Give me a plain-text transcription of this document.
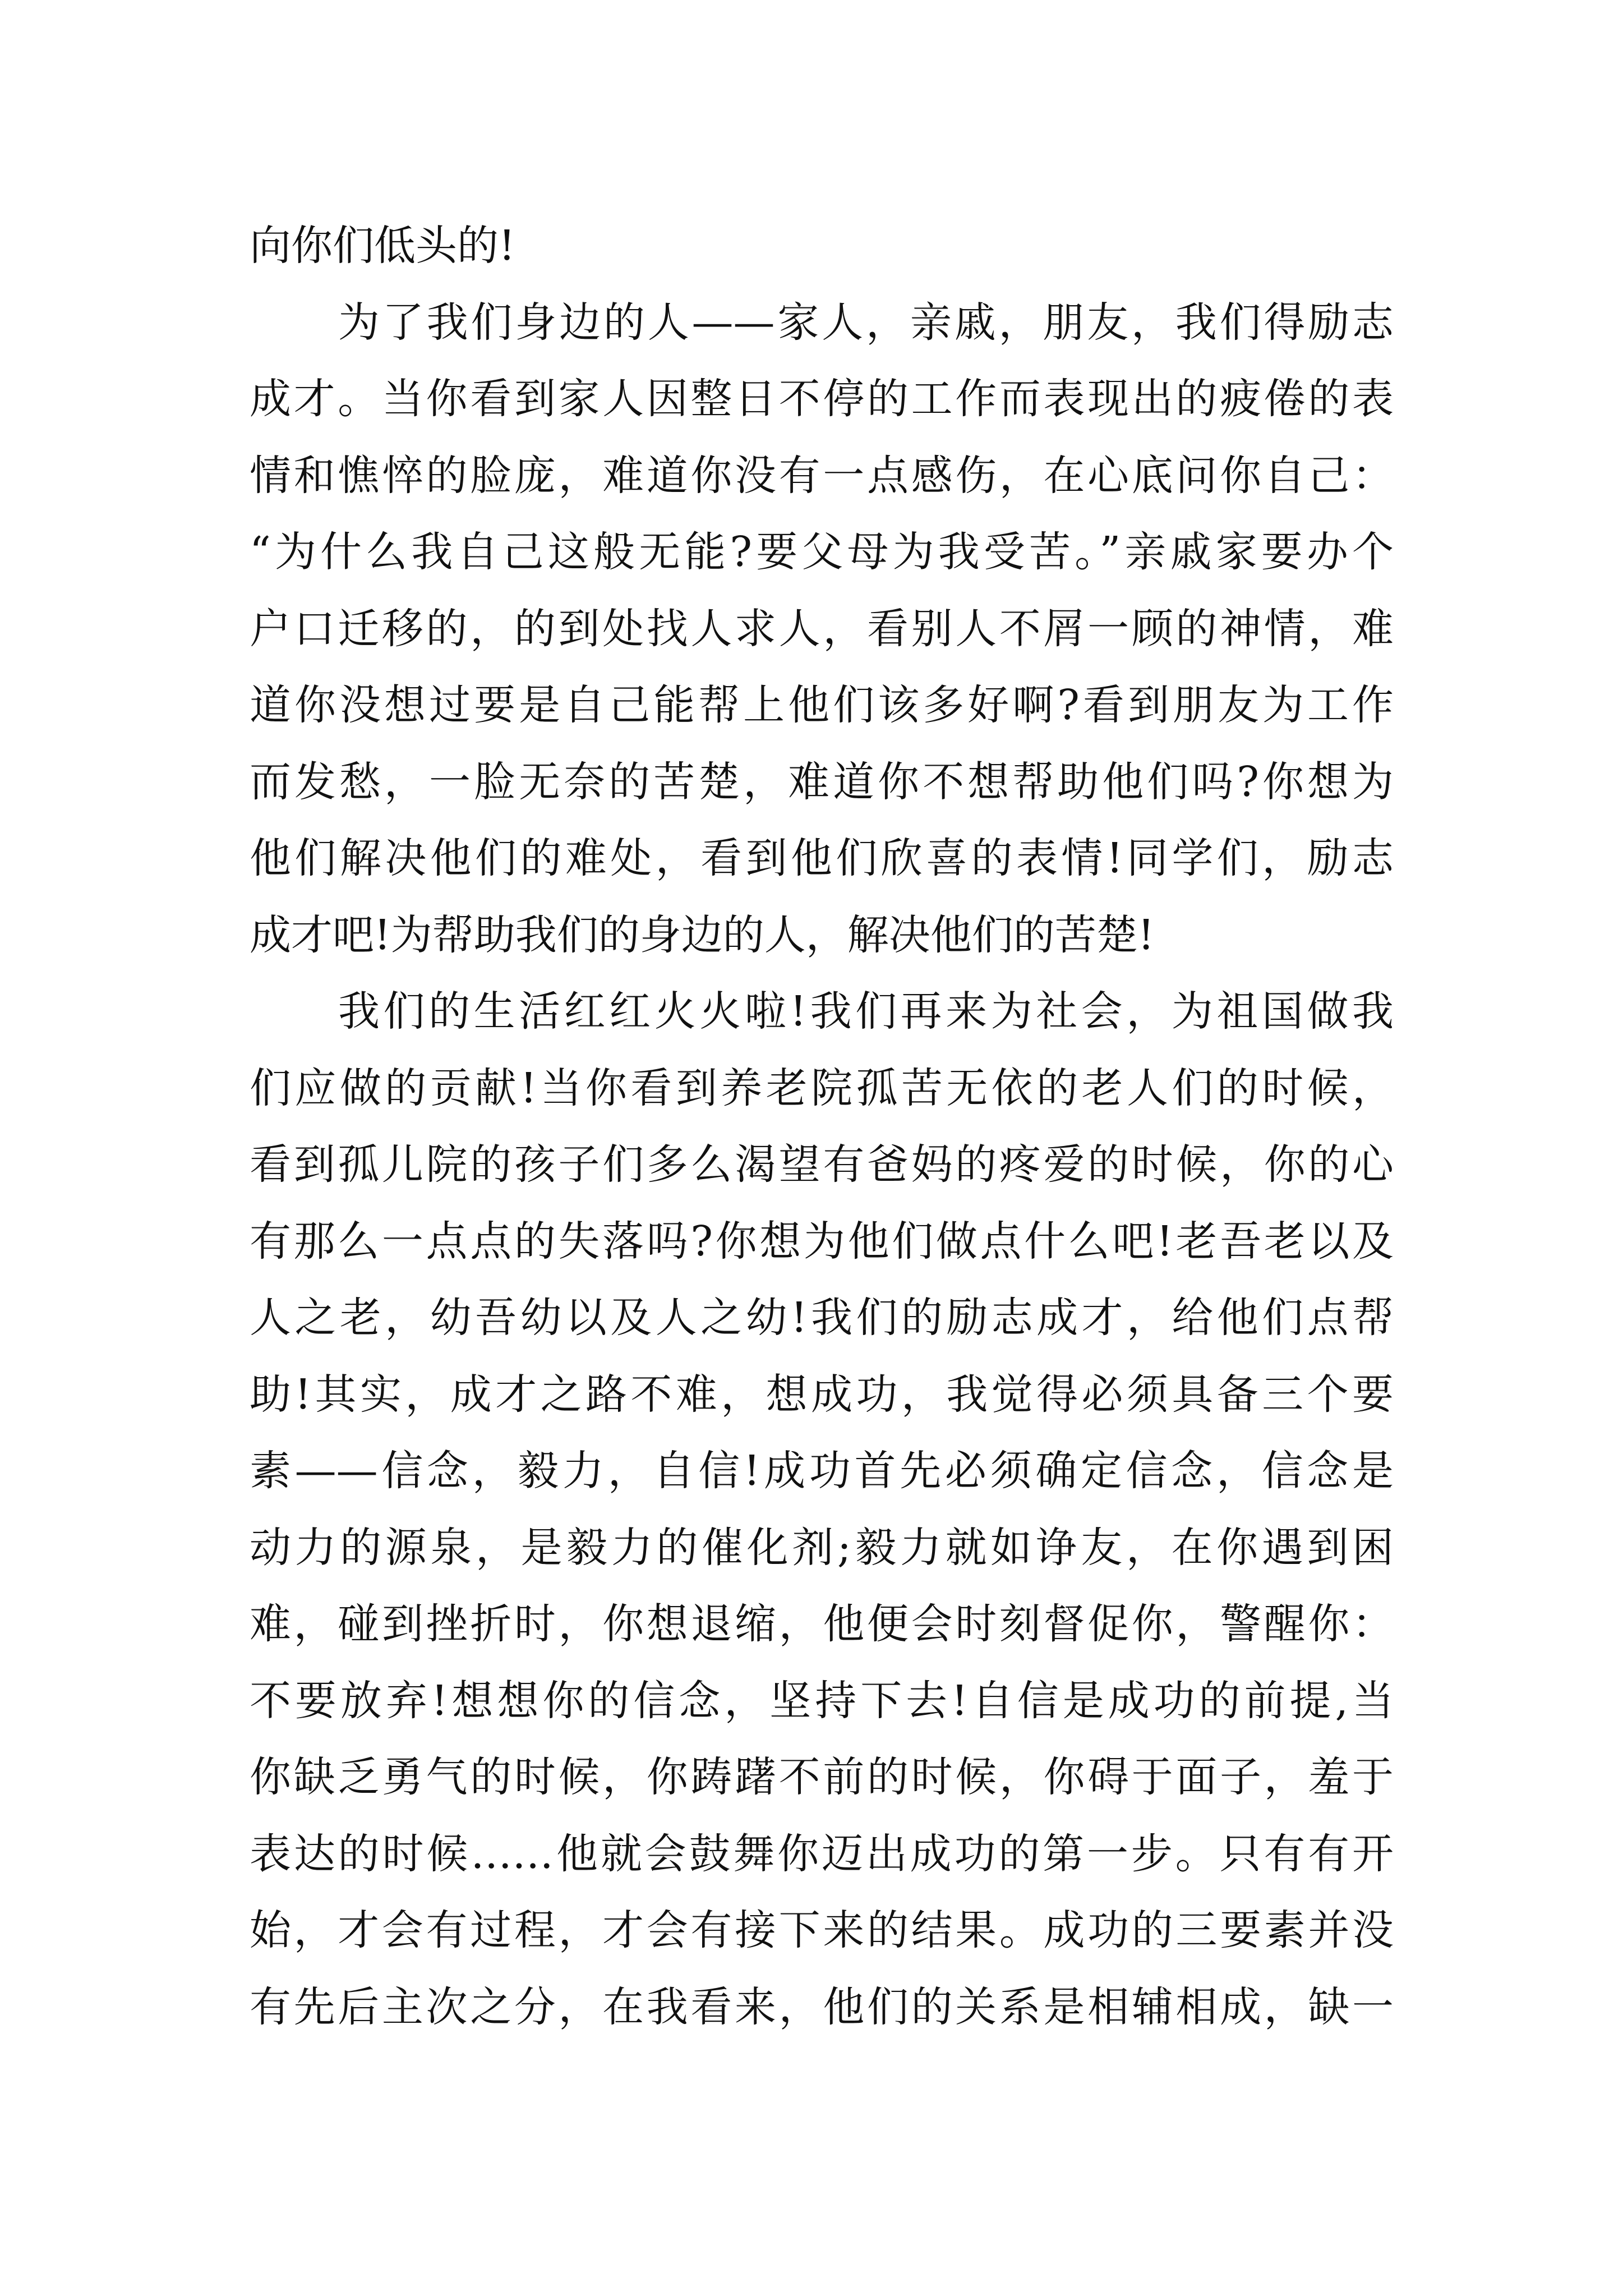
向你们低头的!
为了我们身边的人——家人，亲戚，朋友，我们得励志
成才。当你看到家人因整日不停的工作而表现出的疲倦的表
情和憔悴的脸庞，难道你没有一点感伤，在心底问你自己：
“为什么我自己这般无能?要父母为我受苦。”亲戚家要办个
户口迁移的，的到处找人求人，看别人不屑一顾的神情，难
道你没想过要是自己能帮上他们该多好啊?看到朋友为工作
而发愁，一脸无奈的苦楚，难道你不想帮助他们吗?你想为
他们解决他们的难处，看到他们欣喜的表情!同学们，励志
成才吧!为帮助我们的身边的人，解决他们的苦楚!
我们的生活红红火火啦!我们再来为社会，为祖国做我
们应做的贡献!当你看到养老院孤苦无依的老人们的时候，
看到孤儿院的孩子们多么渴望有爸妈的疼爱的时候，你的心
有那么一点点的失落吗?你想为他们做点什么吧!老吾老以及
人之老，幼吾幼以及人之幼!我们的励志成才，给他们点帮
助!其实，成才之路不难，想成功，我觉得必须具备三个要
素——信念，毅力，自信!成功首先必须确定信念，信念是
动力的源泉，是毅力的催化剂;毅力就如诤友，在你遇到困
难，碰到挫折时，你想退缩，他便会时刻督促你，警醒你：
不要放弃!想想你的信念，坚持下去!自信是成功的前提,当
你缺乏勇气的时候，你踌躇不前的时候，你碍于面子，羞于
表达的时候……他就会鼓舞你迈出成功的第一步。只有有开
始，才会有过程，才会有接下来的结果。成功的三要素并没
有先后主次之分，在我看来，他们的关系是相辅相成，缺一
